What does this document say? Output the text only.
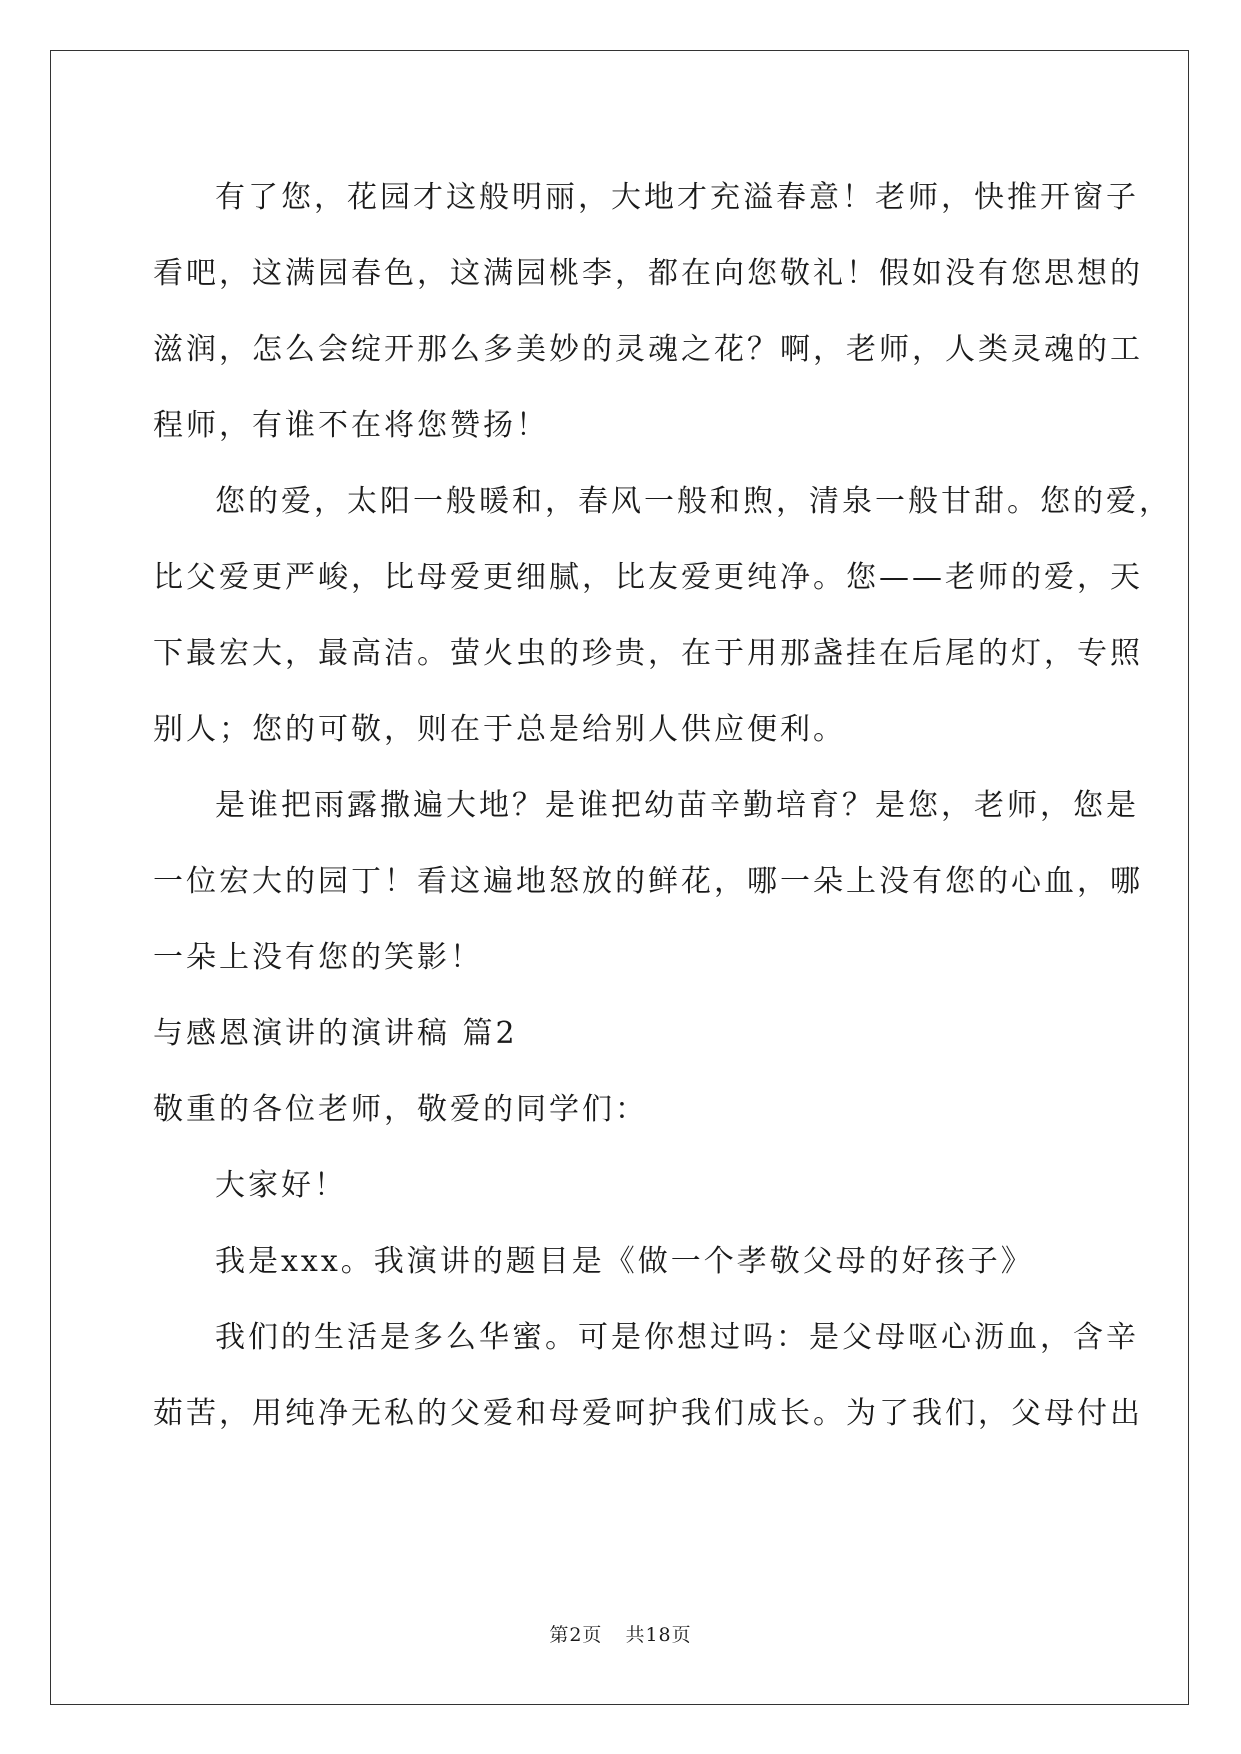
有了您，花园才这般明丽，大地才充溢春意！老师，快推开窗子
看吧，这满园春色，这满园桃李，都在向您敬礼！假如没有您思想的
滋润，怎么会绽开那么多美妙的灵魂之花？啊，老师，人类灵魂的工
程师，有谁不在将您赞扬！
您的爱，太阳一般暖和，春风一般和煦，清泉一般甘甜。您的爱，
比父爱更严峻，比母爱更细腻，比友爱更纯净。您——老师的爱，天
下最宏大，最高洁。萤火虫的珍贵，在于用那盏挂在后尾的灯，专照
别人；您的可敬，则在于总是给别人供应便利。
是谁把雨露撒遍大地？是谁把幼苗辛勤培育？是您，老师，您是
一位宏大的园丁！看这遍地怒放的鲜花，哪一朵上没有您的心血，哪
一朵上没有您的笑影！
与感恩演讲的演讲稿 篇2
敬重的各位老师，敬爱的同学们：
大家好！
我是xxx。我演讲的题目是《做一个孝敬父母的好孩子》
我们的生活是多么华蜜。可是你想过吗：是父母呕心沥血，含辛
茹苦，用纯净无私的父爱和母爱呵护我们成长。为了我们，父母付出
第2页 共18页
